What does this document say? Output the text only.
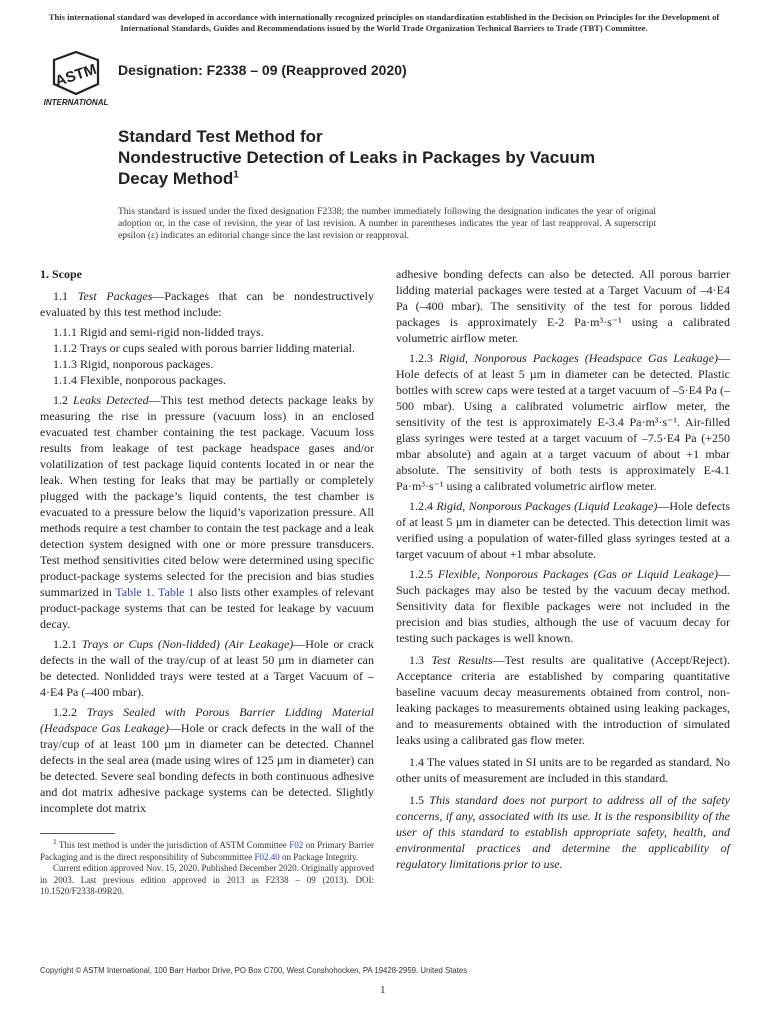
This international standard was developed in accordance with internationally recognized principles on standardization established in the Decision on Principles for the Development of International Standards, Guides and Recommendations issued by the World Trade Organization Technical Barriers to Trade (TBT) Committee.
ASTM
INTERNATIONAL
Designation: F2338 – 09 (Reapproved 2020)
Standard Test Method for
Nondestructive Detection of Leaks in Packages by Vacuum
Decay Method$^1$
This standard is issued under the fixed designation F2338; the number immediately following the designation indicates the year of original adoption or, in the case of revision, the year of last revision. A number in parentheses indicates the year of last reapproval. A superscript epsilon (ε) indicates an editorial change since the last revision or reapproval.

1. Scope

1.1 Test Packages—Packages that can be nondestructively evaluated by this test method include:

1.1.1 Rigid and semi-rigid non-lidded trays.

1.1.2 Trays or cups sealed with porous barrier lidding material.

1.1.3 Rigid, nonporous packages.

1.1.4 Flexible, nonporous packages.

1.2 Leaks Detected—This test method detects package leaks by measuring the rise in pressure (vacuum loss) in an enclosed evacuated test chamber containing the test package. Vacuum loss results from leakage of test package headspace gases and/or volatilization of test package liquid contents located in or near the leak. When testing for leaks that may be partially or completely plugged with the package’s liquid contents, the test chamber is evacuated to a pressure below the liquid’s vaporization pressure. All methods require a test chamber to contain the test package and a leak detection system designed with one or more pressure transducers. Test method sensitivities cited below were determined using specific product-package systems selected for the precision and bias studies summarized in Table 1. Table 1 also lists other examples of relevant product-package systems that can be tested for leakage by vacuum decay.

1.2.1 Trays or Cups (Non-lidded) (Air Leakage)—Hole or crack defects in the wall of the tray/cup of at least 50 µm in diameter can be detected. Nonlidded trays were tested at a Target Vacuum of –4·E4 Pa (–400 mbar).

1.2.2 Trays Sealed with Porous Barrier Lidding Material (Headspace Gas Leakage)—Hole or crack defects in the wall of the tray/cup of at least 100 µm in diameter can be detected. Channel defects in the seal area (made using wires of 125 µm in diameter) can be detected. Severe seal bonding defects in both continuous adhesive and dot matrix adhesive package systems can be detected. Slightly incomplete dot matrix

adhesive bonding defects can also be detected. All porous barrier lidding material packages were tested at a Target Vacuum of –4·E4 Pa (–400 mbar). The sensitivity of the test for porous lidded packages is approximately E-2 Pa·m³·s⁻¹ using a calibrated volumetric airflow meter.

1.2.3 Rigid, Nonporous Packages (Headspace Gas Leakage)—Hole defects of at least 5 µm in diameter can be detected. Plastic bottles with screw caps were tested at a target vacuum of –5·E4 Pa (–500 mbar). Using a calibrated volumetric airflow meter, the sensitivity of the test is approximately E-3.4 Pa·m³·s⁻¹. Air-filled glass syringes were tested at a target vacuum of –7.5·E4 Pa (+250 mbar absolute) and again at a target vacuum of about +1 mbar absolute. The sensitivity of both tests is approximately E-4.1 Pa·m³·s⁻¹ using a calibrated volumetric airflow meter.

1.2.4 Rigid, Nonporous Packages (Liquid Leakage)—Hole defects of at least 5 µm in diameter can be detected. This detection limit was verified using a population of water-filled glass syringes tested at a target vacuum of about +1 mbar absolute.

1.2.5 Flexible, Nonporous Packages (Gas or Liquid Leakage)—Such packages may also be tested by the vacuum decay method. Sensitivity data for flexible packages were not included in the precision and bias studies, although the use of vacuum decay for testing such packages is well known.

1.3 Test Results—Test results are qualitative (Accept/Reject). Acceptance criteria are established by comparing quantitative baseline vacuum decay measurements obtained from control, non-leaking packages to measurements obtained using leaking packages, and to measurements obtained with the introduction of simulated leaks using a calibrated gas flow meter.

1.4 The values stated in SI units are to be regarded as standard. No other units of measurement are included in this standard.

1.5 This standard does not purport to address all of the safety concerns, if any, associated with its use. It is the responsibility of the user of this standard to establish appropriate safety, health, and environmental practices and determine the applicability of regulatory limitations prior to use.

$^1$ This test method is under the jurisdiction of ASTM Committee F02 on Primary Barrier Packaging and is the direct responsibility of Subcommittee F02.40 on Package Integrity.

Current edition approved Nov. 15, 2020. Published December 2020. Originally approved in 2003. Last previous edition approved in 2013 as F2338 – 09 (2013). DOI: 10.1520/F2338-09R20.

Copyright © ASTM International, 100 Barr Harbor Drive, PO Box C700, West Conshohocken, PA 19428-2959. United States
1
